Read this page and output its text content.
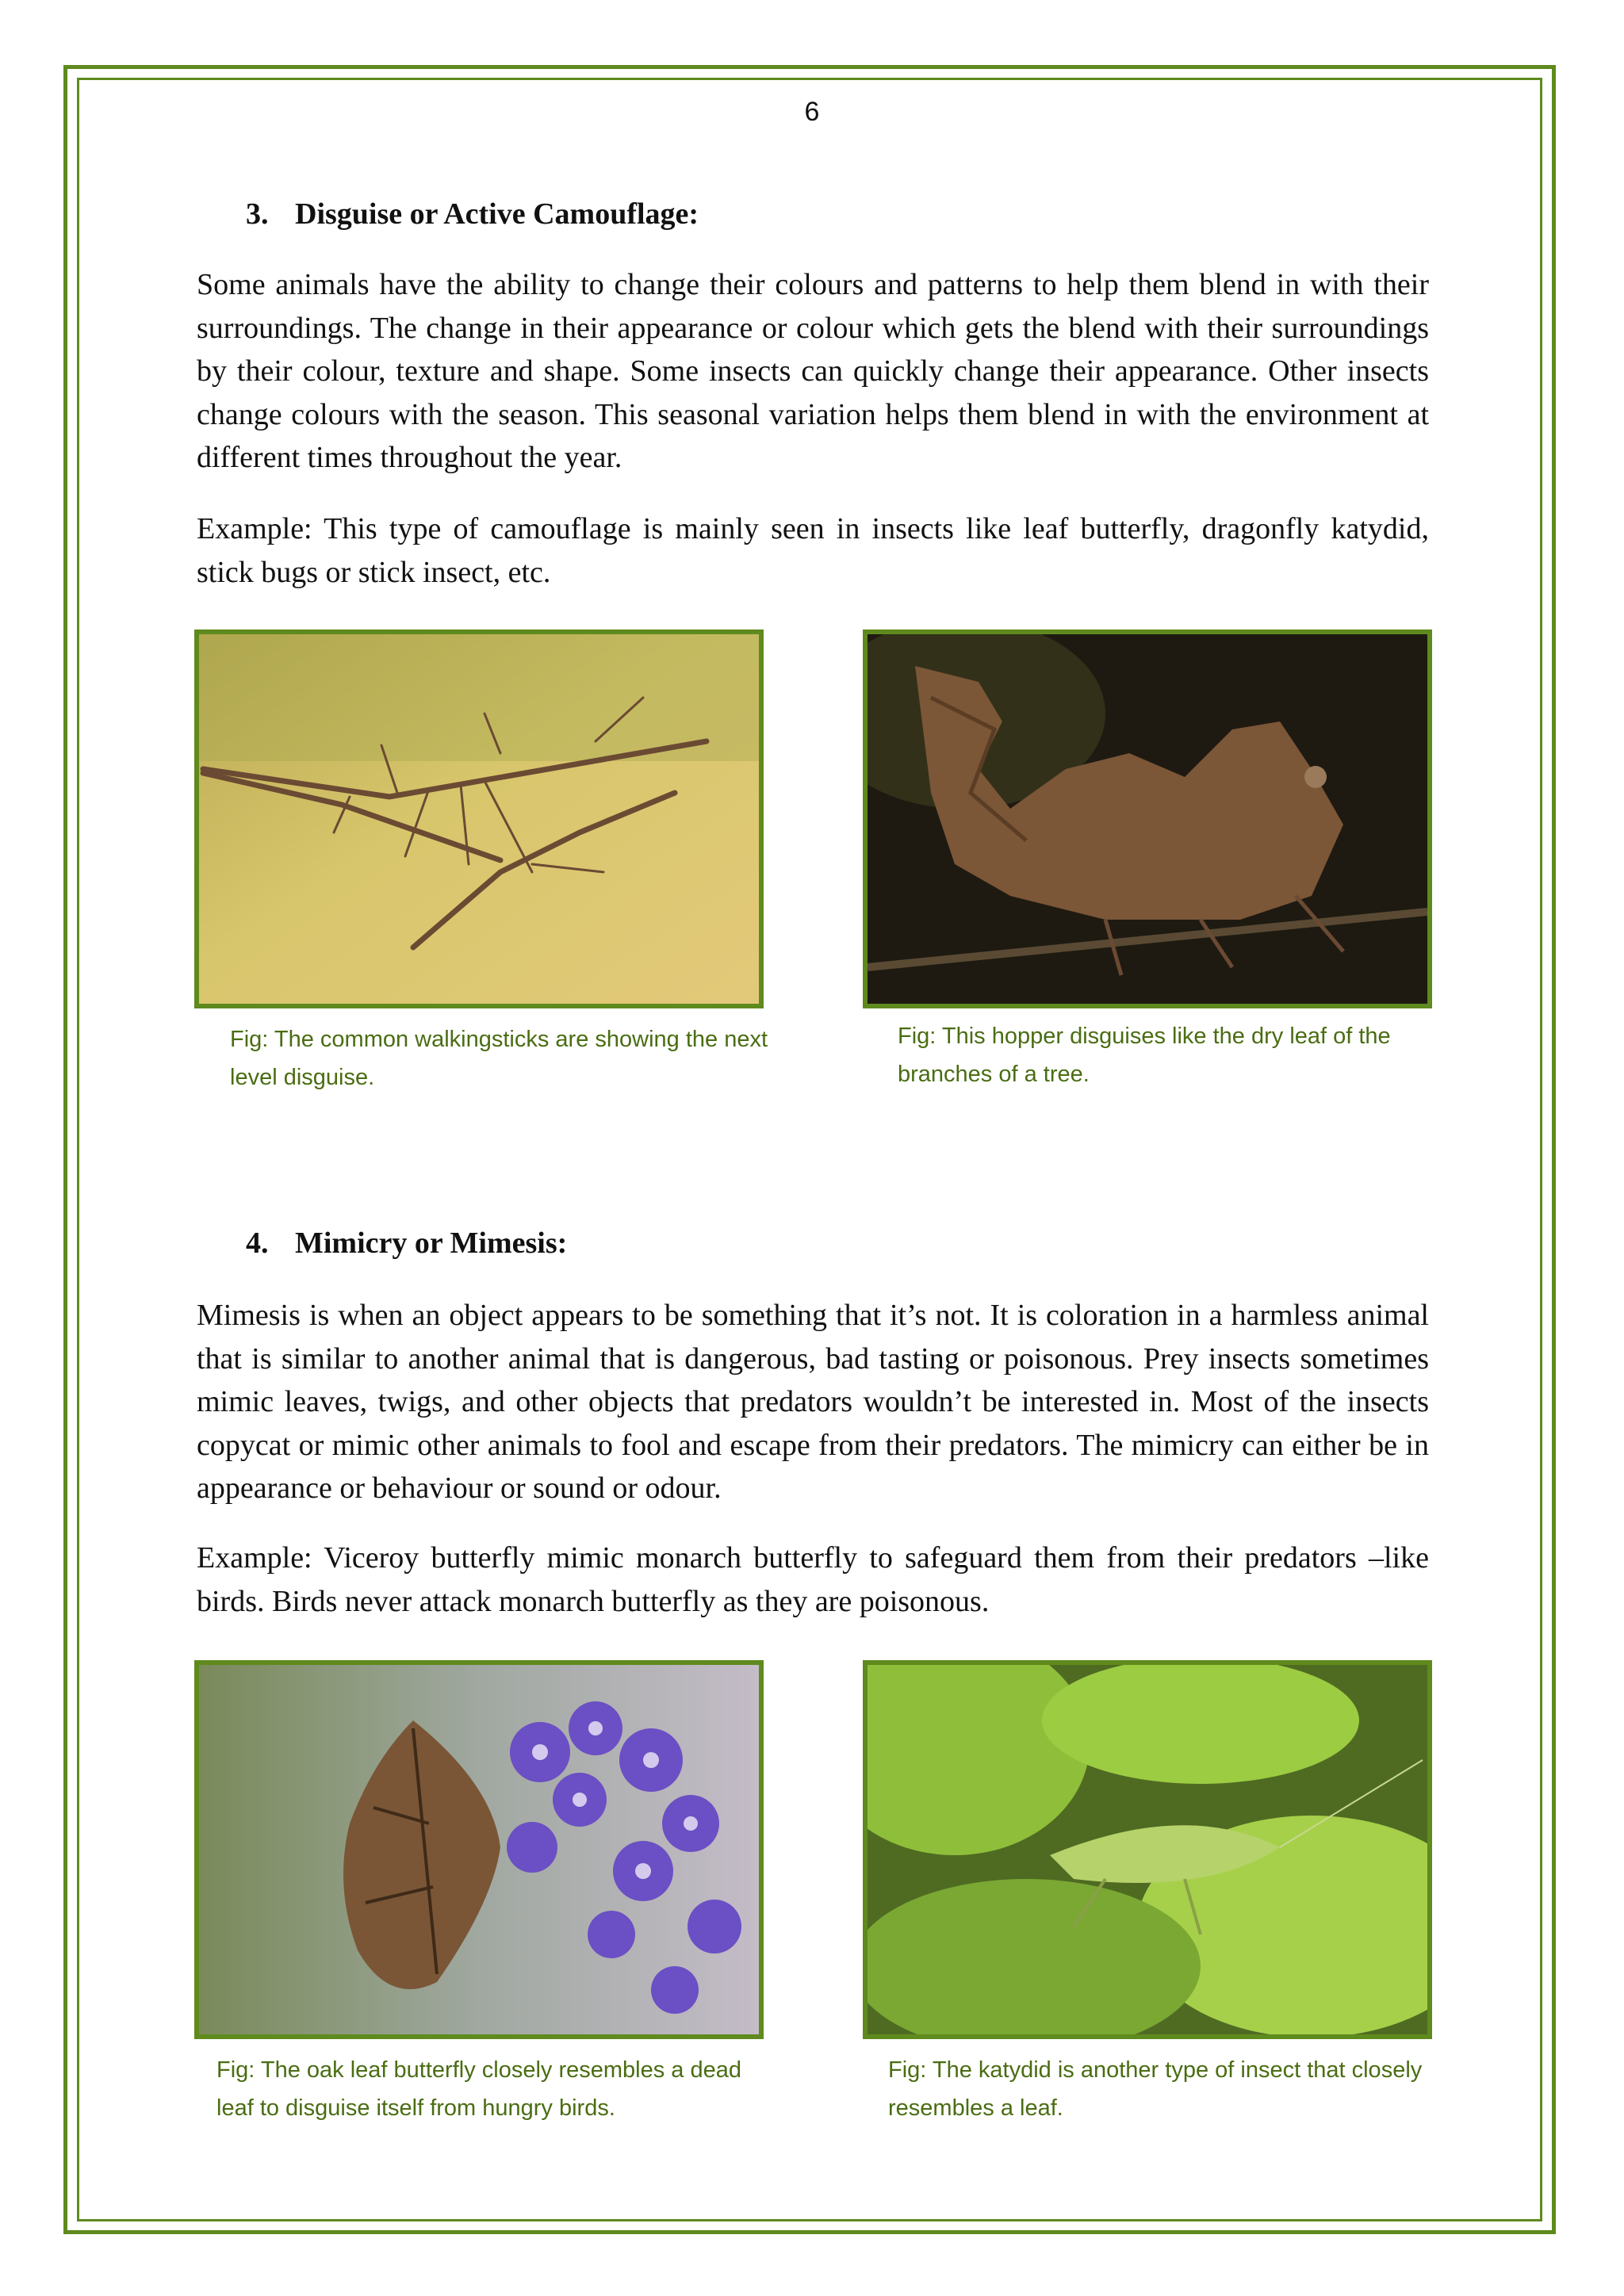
6
3. Disguise or Active Camouflage:

Some animals have the ability to change their colours and patterns to help them blend in with their surroundings. The change in their appearance or colour which gets the blend with their surroundings by their colour, texture and shape. Some insects can quickly change their appearance. Other insects change colours with the season. This seasonal variation helps them blend in with the environment at different times throughout the year.

Example: This type of camouflage is mainly seen in insects like leaf butterfly, dragonfly katydid, stick bugs or stick insect, etc.

Fig: The common walkingsticks are showing the next level disguise.

Fig: This hopper disguises like the dry leaf of the branches of a tree.

4. Mimicry or Mimesis:

Mimesis is when an object appears to be something that it’s not. It is coloration in a harmless animal that is similar to another animal that is dangerous, bad tasting or poisonous. Prey insects sometimes mimic leaves, twigs, and other objects that predators wouldn’t be interested in. Most of the insects copycat or mimic other animals to fool and escape from their predators. The mimicry can either be in appearance or behaviour or sound or odour.

Example: Viceroy butterfly mimic monarch butterfly to safeguard them from their predators –like birds. Birds never attack monarch butterfly as they are poisonous.

Fig: The oak leaf butterfly closely resembles a dead leaf to disguise itself from hungry birds.

Fig: The katydid is another type of insect that closely resembles a leaf.
